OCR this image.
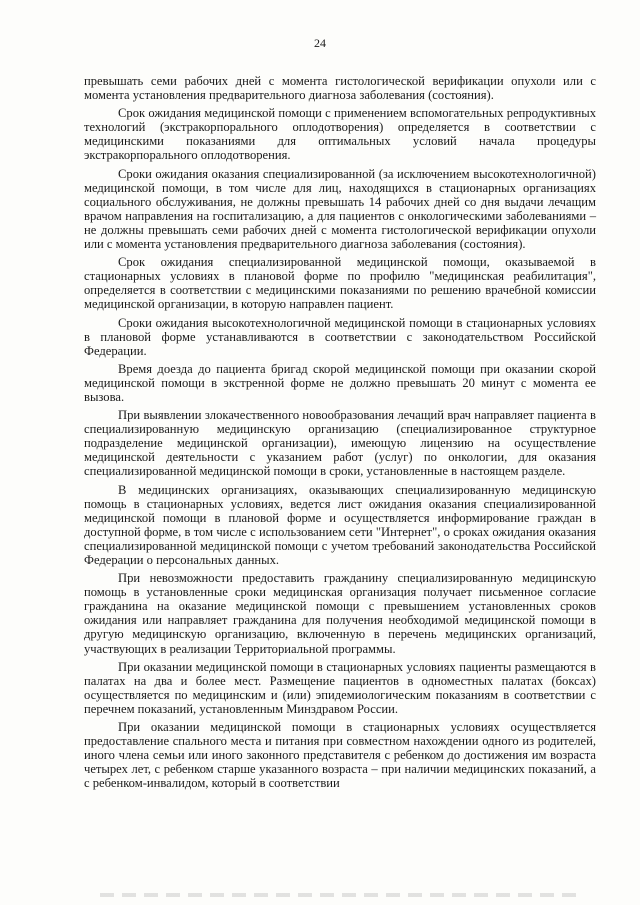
24

превышать семи рабочих дней с момента гистологической верификации опухоли или с момента установления предварительного диагноза заболевания (состояния).

Срок ожидания медицинской помощи с применением вспомогательных репродуктивных технологий (экстракорпорального оплодотворения) определяется в соответствии с медицинскими показаниями для оптимальных условий начала процедуры экстракорпорального оплодотворения.

Сроки ожидания оказания специализированной (за исключением высокотехнологичной) медицинской помощи, в том числе для лиц, находящихся в стационарных организациях социального обслуживания, не должны превышать 14 рабочих дней со дня выдачи лечащим врачом направления на госпитализацию, а для пациентов с онкологическими заболеваниями – не должны превышать семи рабочих дней с момента гистологической верификации опухоли или с момента установления предварительного диагноза заболевания (состояния).

Срок ожидания специализированной медицинской помощи, оказываемой в стационарных условиях в плановой форме по профилю "медицинская реабилитация", определяется в соответствии с медицинскими показаниями по решению врачебной комиссии медицинской организации, в которую направлен пациент.

Сроки ожидания высокотехнологичной медицинской помощи в стационарных условиях в плановой форме устанавливаются в соответствии с законодательством Российской Федерации.

Время доезда до пациента бригад скорой медицинской помощи при оказании скорой медицинской помощи в экстренной форме не должно превышать 20 минут с момента ее вызова.

При выявлении злокачественного новообразования лечащий врач направляет пациента в специализированную медицинскую организацию (специализированное структурное подразделение медицинской организации), имеющую лицензию на осуществление медицинской деятельности с указанием работ (услуг) по онкологии, для оказания специализированной медицинской помощи в сроки, установленные в настоящем разделе.

В медицинских организациях, оказывающих специализированную медицинскую помощь в стационарных условиях, ведется лист ожидания оказания специализированной медицинской помощи в плановой форме и осуществляется информирование граждан в доступной форме, в том числе с использованием сети "Интернет", о сроках ожидания оказания специализированной медицинской помощи с учетом требований законодательства Российской Федерации о персональных данных.

При невозможности предоставить гражданину специализированную медицинскую помощь в установленные сроки медицинская организация получает письменное согласие гражданина на оказание медицинской помощи с превышением установленных сроков ожидания или направляет гражданина для получения необходимой медицинской помощи в другую медицинскую организацию, включенную в перечень медицинских организаций, участвующих в реализации Территориальной программы.

При оказании медицинской помощи в стационарных условиях пациенты размещаются в палатах на два и более мест. Размещение пациентов в одноместных палатах (боксах) осуществляется по медицинским и (или) эпидемиологическим показаниям в соответствии с перечнем показаний, установленным Минздравом России.

При оказании медицинской помощи в стационарных условиях осуществляется предоставление спального места и питания при совместном нахождении одного из родителей, иного члена семьи или иного законного представителя с ребенком до достижения им возраста четырех лет, с ребенком старше указанного возраста – при наличии медицинских показаний, а с ребенком-инвалидом, который в соответствии
